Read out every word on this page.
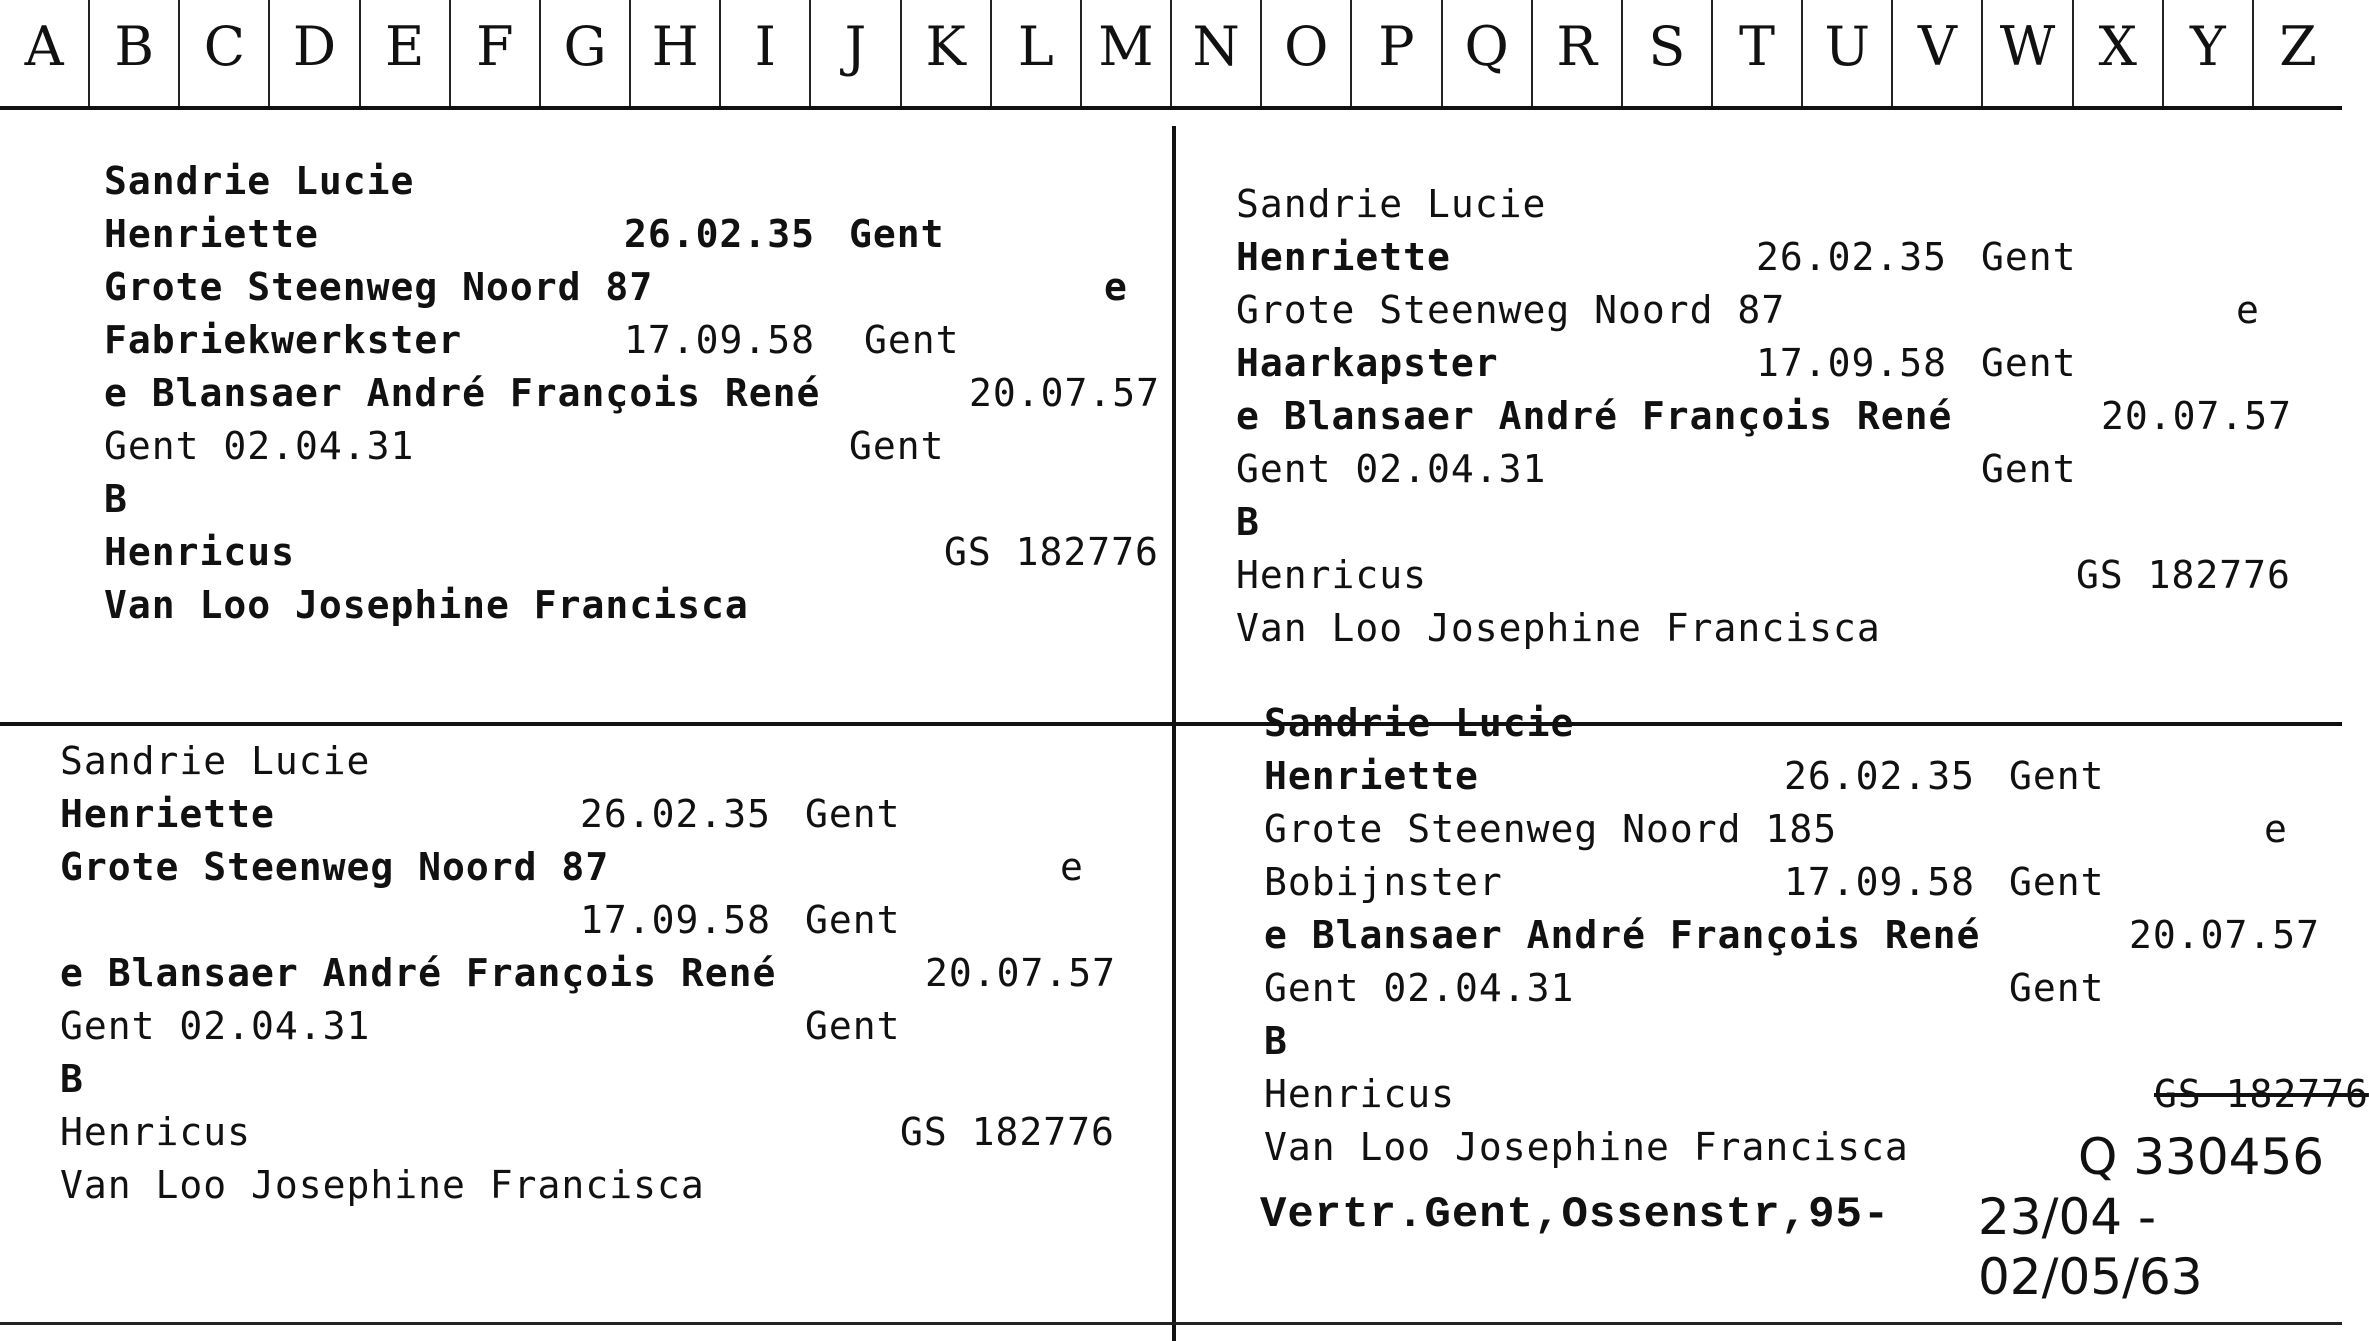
A B C D E F G H	I	J	K L M N O P Q R S T U V W X Y Z
Sandrie Lucie
Henriette	26.02.35 Gent
Grote Steenweg Noord 87	e
Fabriekwerkster	17.09.58 Gent
e Blansaer André François René	20.07.57
Gent 02.04.31	Gent
B
Henricus	GS 182776
Van Loo Josephine Francisca
Sandrie Lucie
Henriette	26.02.35 Gent
Grote Steenweg Noord 87	e
Haarkapster	17.09.58 Gent
e Blansaer André François René	20.07.57
Gent 02.04.31	Gent
B
Henricus	GS 182776
Van Loo Josephine Francisca
Sandrie Lucie
Henriette	26.02.35 Gent
Grote Steenweg Noord 87	e
17.09.58 Gent
e Blansaer André François René	20.07.57
Gent 02.04.31	Gent
B
Henricus	GS 182776
Van Loo Josephine Francisca
Sandrie Lucie
Henriette	26.02.35 Gent
Grote Steenweg Noord 185	e
Bobijnster	17.09.58 Gent
e Blansaer André François René	20.07.57
Gent 02.04.31	Gent
B
Henricus	GS 182776
Van Loo Josephine Francisca	Q 330456
Vertr.Gent,Ossenstr,95- 23/04 -
02/05/63
